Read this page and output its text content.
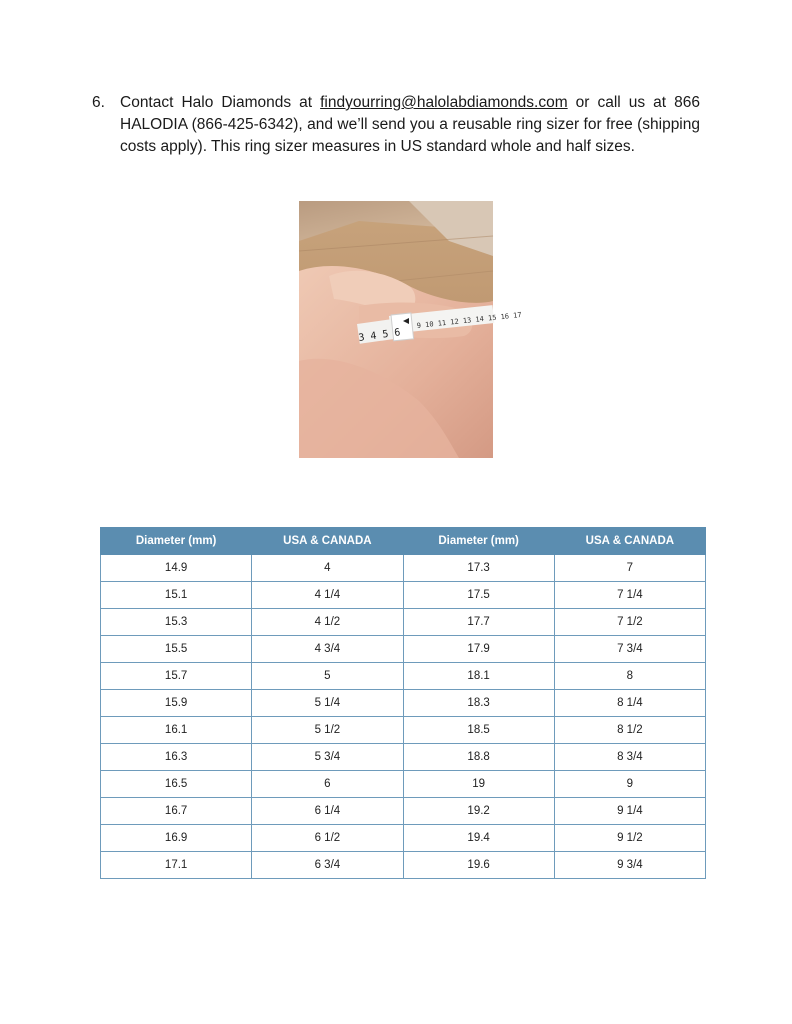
6. Contact Halo Diamonds at findyourring@halolabdiamonds.com or call us at 866 HALODIA (866-425-6342), and we’ll send you a reusable ring sizer for free (shipping costs apply). This ring sizer measures in US standard whole and half sizes.
3 4 5 6
9 10 11 12 13 14 15 16 17
Diameter (mm)	USA & CANADA	Diameter (mm)	USA & CANADA
14.9	4	17.3	7
15.1	4 1/4	17.5	7 1/4
15.3	4 1/2	17.7	7 1/2
15.5	4 3/4	17.9	7 3/4
15.7	5	18.1	8
15.9	5 1/4	18.3	8 1/4
16.1	5 1/2	18.5	8 1/2
16.3	5 3/4	18.8	8 3/4
16.5	6	19	9
16.7	6 1/4	19.2	9 1/4
16.9	6 1/2	19.4	9 1/2
17.1	6 3/4	19.6	9 3/4
